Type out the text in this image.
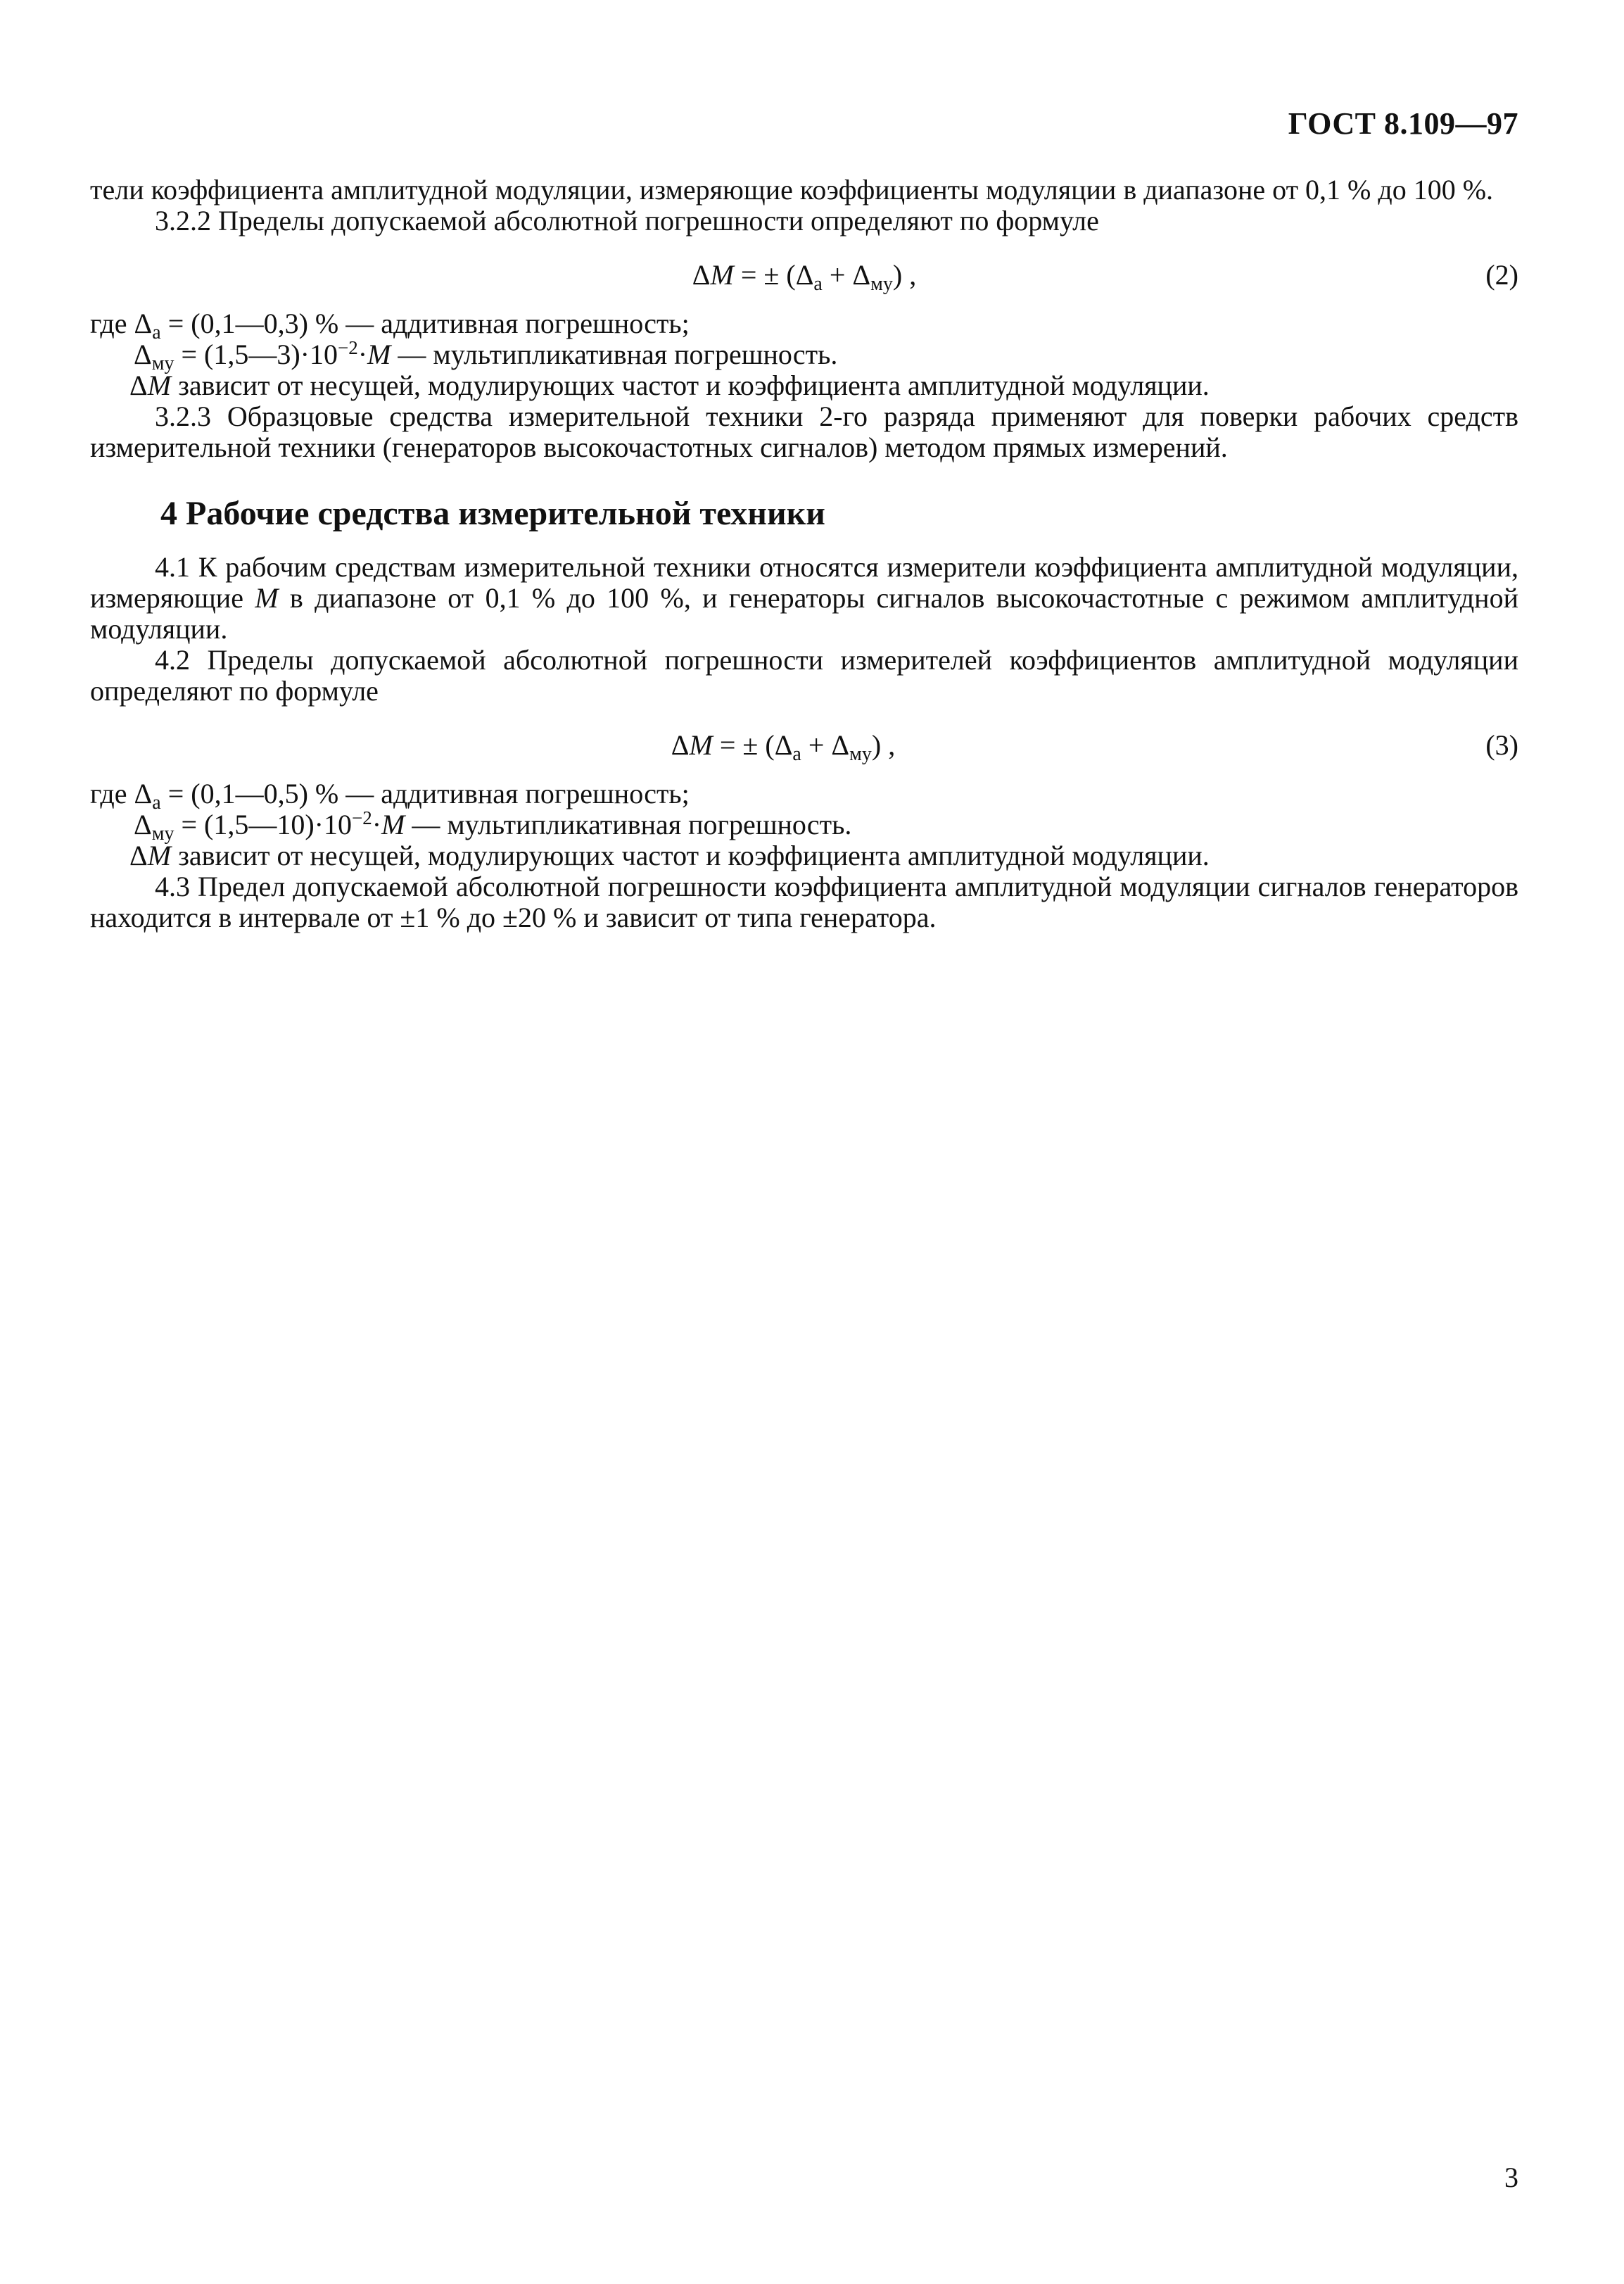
ГОСТ 8.109—97

тели коэффициента амплитудной модуляции, измеряющие коэффициенты модуляции в диапазоне от 0,1 % до 100 %.

3.2.2 Пределы допускаемой абсолютной погрешности определяют по формуле

ΔM = ± $(\Delta_а + \Delta_{му})$ ,	(2)

где $\Delta_а$ = (0,1—0,3) % — аддитивная погрешность;

$\Delta_{му}$ = $(1,5—3)\cdot 10^{-2}\cdot M$ — мультипликативная погрешность.

ΔM зависит от несущей, модулирующих частот и коэффициента амплитудной модуляции.

3.2.3 Образцовые средства измерительной техники 2-го разряда применяют для поверки рабочих средств измерительной техники (генераторов высокочастотных сигналов) методом прямых измерений.

4 Рабочие средства измерительной техники

4.1 К рабочим средствам измерительной техники относятся измерители коэффициента амплитудной модуляции, измеряющие M в диапазоне от 0,1 % до 100 %, и генераторы сигналов высокочастотные с режимом амплитудной модуляции.

4.2 Пределы допускаемой абсолютной погрешности измерителей коэффициентов амплитудной модуляции определяют по формуле

ΔM = ± $(\Delta_а + \Delta_{му})$ ,	(3)

где $\Delta_а$ = (0,1—0,5) % — аддитивная погрешность;

$\Delta_{му}$ = $(1,5—10)\cdot 10^{-2}\cdot M$ — мультипликативная погрешность.

ΔM зависит от несущей, модулирующих частот и коэффициента амплитудной модуляции.

4.3 Предел допускаемой абсолютной погрешности коэффициента амплитудной модуляции сигналов генераторов находится в интервале от ±1 % до ±20 % и зависит от типа генератора.

3
